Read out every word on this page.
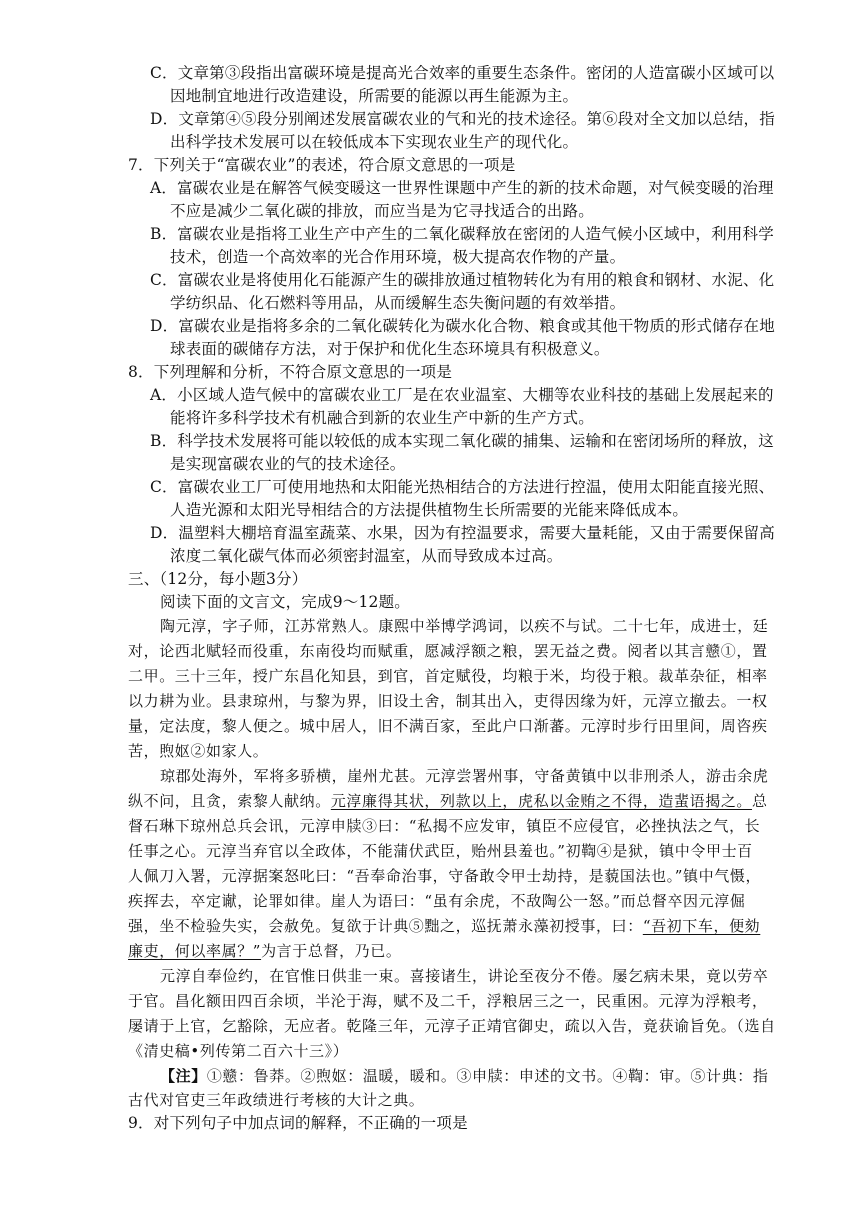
C．文章第③段指出富碳环境是提高光合效率的重要生态条件。密闭的人造富碳小区域可以
因地制宜地进行改造建设，所需要的能源以再生能源为主。
D．文章第④⑤段分别阐述发展富碳农业的气和光的技术途径。第⑥段对全文加以总结，指
出科学技术发展可以在较低成本下实现农业生产的现代化。
7．下列关于“富碳农业”的表述，符合原文意思的一项是
A．富碳农业是在解答气候变暖这一世界性课题中产生的新的技术命题，对气候变暖的治理
不应是减少二氧化碳的排放，而应当是为它寻找适合的出路。
B．富碳农业是指将工业生产中产生的二氧化碳释放在密闭的人造气候小区域中，利用科学
技术，创造一个高效率的光合作用环境，极大提高农作物的产量。
C．富碳农业是将使用化石能源产生的碳排放通过植物转化为有用的粮食和钢材、水泥、化
学纺织品、化石燃料等用品，从而缓解生态失衡问题的有效举措。
D．富碳农业是指将多余的二氧化碳转化为碳水化合物、粮食或其他干物质的形式储存在地
球表面的碳储存方法，对于保护和优化生态环境具有积极意义。
8．下列理解和分析，不符合原文意思的一项是
A．小区域人造气候中的富碳农业工厂是在农业温室、大棚等农业科技的基础上发展起来的
能将许多科学技术有机融合到新的农业生产中新的生产方式。
B．科学技术发展将可能以较低的成本实现二氧化碳的捕集、运输和在密闭场所的释放，这
是实现富碳农业的气的技术途径。
C．富碳农业工厂可使用地热和太阳能光热相结合的方法进行控温，使用太阳能直接光照、
人造光源和太阳光导相结合的方法提供植物生长所需要的光能来降低成本。
D．温塑料大棚培育温室蔬菜、水果，因为有控温要求，需要大量耗能，又由于需要保留高
浓度二氧化碳气体而必须密封温室，从而导致成本过高。
三、（12分，每小题3分）
阅读下面的文言文，完成9～12题。
陶元淳，字子师，江苏常熟人。康熙中举博学鸿词，以疾不与试。二十七年，成进士，廷
对，论西北赋轻而役重，东南役均而赋重，愿减浮额之粮，罢无益之费。阅者以其言戆①，置
二甲。三十三年，授广东昌化知县，到官，首定赋役，均粮于米，均役于粮。裁革杂征，相率
以力耕为业。县隶琼州，与黎为界，旧设土舍，制其出入，吏得因缘为奸，元淳立撤去。一权
量，定法度，黎人便之。城中居人，旧不满百家，至此户口渐蕃。元淳时步行田里间，周咨疾
苦，煦妪②如家人。
琼郡处海外，军将多骄横，崖州尤甚。元淳尝署州事，守备黄镇中以非刑杀人，游击余虎
纵不问，且贪，索黎人献纳。元淳廉得其状，列款以上，虎私以金贿之不得，造蜚语揭之。总
督石琳下琼州总兵会讯，元淳申牍③曰：“私揭不应发审，镇臣不应侵官，必挫执法之气，长
任事之心。元淳当弃官以全政体，不能蒲伏武臣，贻州县羞也。”初鞫④是狱，镇中令甲士百
人佩刀入署，元淳据案怒叱曰：“吾奉命治事，守备敢令甲士劫持，是藐国法也。”镇中气慑，
疾挥去，卒定谳，论罪如律。崖人为语曰：“虽有余虎，不敌陶公一怒。”而总督卒因元淳倔
强，坐不检验失实，会赦免。复欲于计典⑤黜之，巡抚萧永藻初授事，曰：“吾初下车，便劾
廉吏，何以率属？”为言于总督，乃已。
元淳自奉俭约，在官惟日供韭一束。喜接诸生，讲论至夜分不倦。屡乞病未果，竟以劳卒
于官。昌化额田四百余顷，半沦于海，赋不及二千，浮粮居三之一，民重困。元淳为浮粮考，
屡请于上官，乞豁除，无应者。乾隆三年，元淳子正靖官御史，疏以入告，竟获谕旨免。（选自
《清史稿•列传第二百六十三》）
【注】①戆：鲁莽。②煦妪：温暖，暖和。③申牍：申述的文书。④鞫：审。⑤计典：指
古代对官吏三年政绩进行考核的大计之典。
9．对下列句子中加点词的解释，不正确的一项是
